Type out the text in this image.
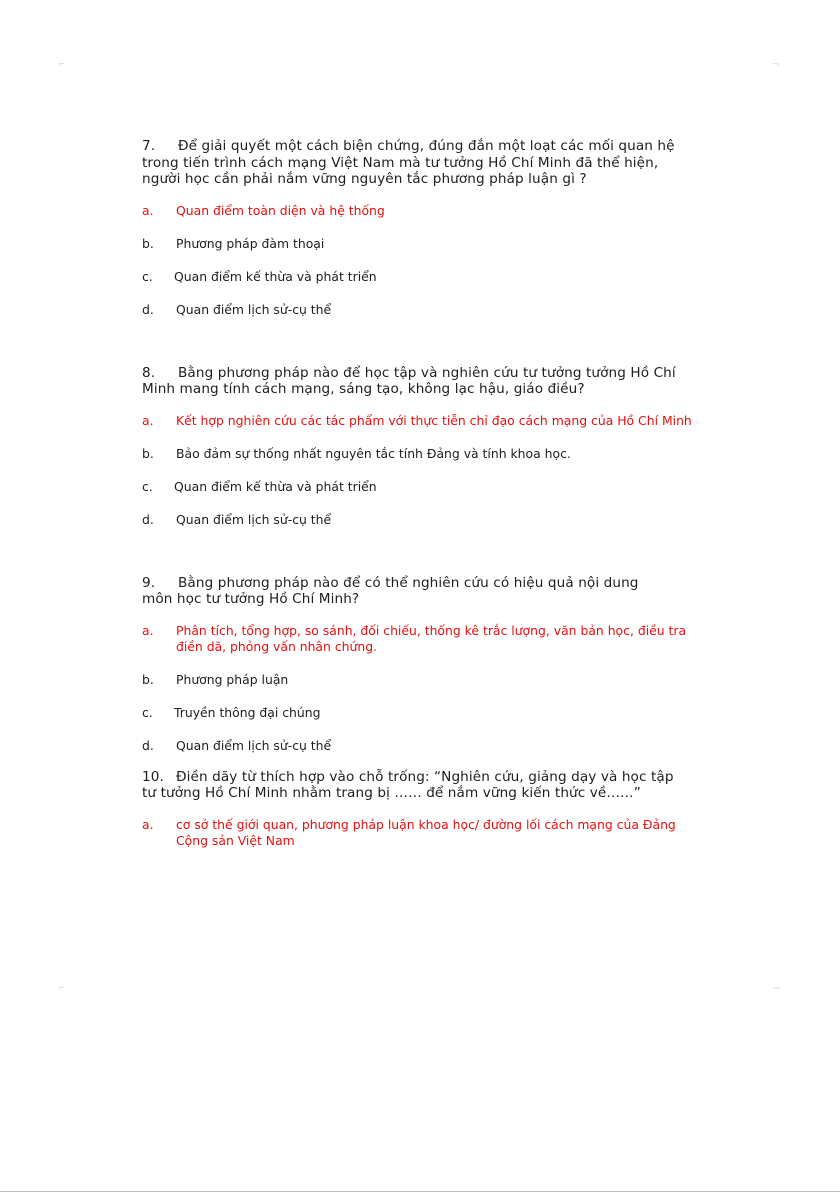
⌐	¬
⌐	¬

7. Để giải quyết một cách biện chứng, đúng đắn một loạt các mối quan hệ trong tiến trình cách mạng Việt Nam mà tư tưởng Hồ Chí Minh đã thể hiện, người học cần phải nắm vững nguyên tắc phương pháp luận gì ?

a.	Quan điểm toàn diện và hệ thống

b.	Phương pháp đàm thoại

c.	Quan điểm kế thừa và phát triển

d.	Quan điểm lịch sử-cụ thể

8. Bằng phương pháp nào để học tập và nghiên cứu tư tưởng tưởng Hồ Chí Minh mang tính cách mạng, sáng tạo, không lạc hậu, giáo điều?

a.	Kết hợp nghiên cứu các tác phẩm với thực tiễn chỉ đạo cách mạng của Hồ Chí Minh

b.	Bảo đảm sự thống nhất nguyên tắc tính Đảng và tính khoa học.

c.	Quan điểm kế thừa và phát triển

d.	Quan điểm lịch sử-cụ thể

9. Bằng phương pháp nào để có thể nghiên cứu có hiệu quả nội dung môn học tư tưởng Hồ Chí Minh?

a.	Phân tích, tổng hợp, so sánh, đối chiếu, thống kê trắc lượng, văn bản học, điều tra điền dã, phỏng vấn nhân chứng.

b.	Phương pháp luận

c.	Truyền thông đại chúng

d.	Quan điểm lịch sử-cụ thể

10. Điền dãy từ thích hợp vào chỗ trống: “Nghiên cứu, giảng dạy và học tập tư tưởng Hồ Chí Minh nhằm trang bị …… để nắm vững kiến thức về……”

a.	cơ sở thế giới quan, phương pháp luận khoa học/ đường lối cách mạng của Đảng Cộng sản Việt Nam
